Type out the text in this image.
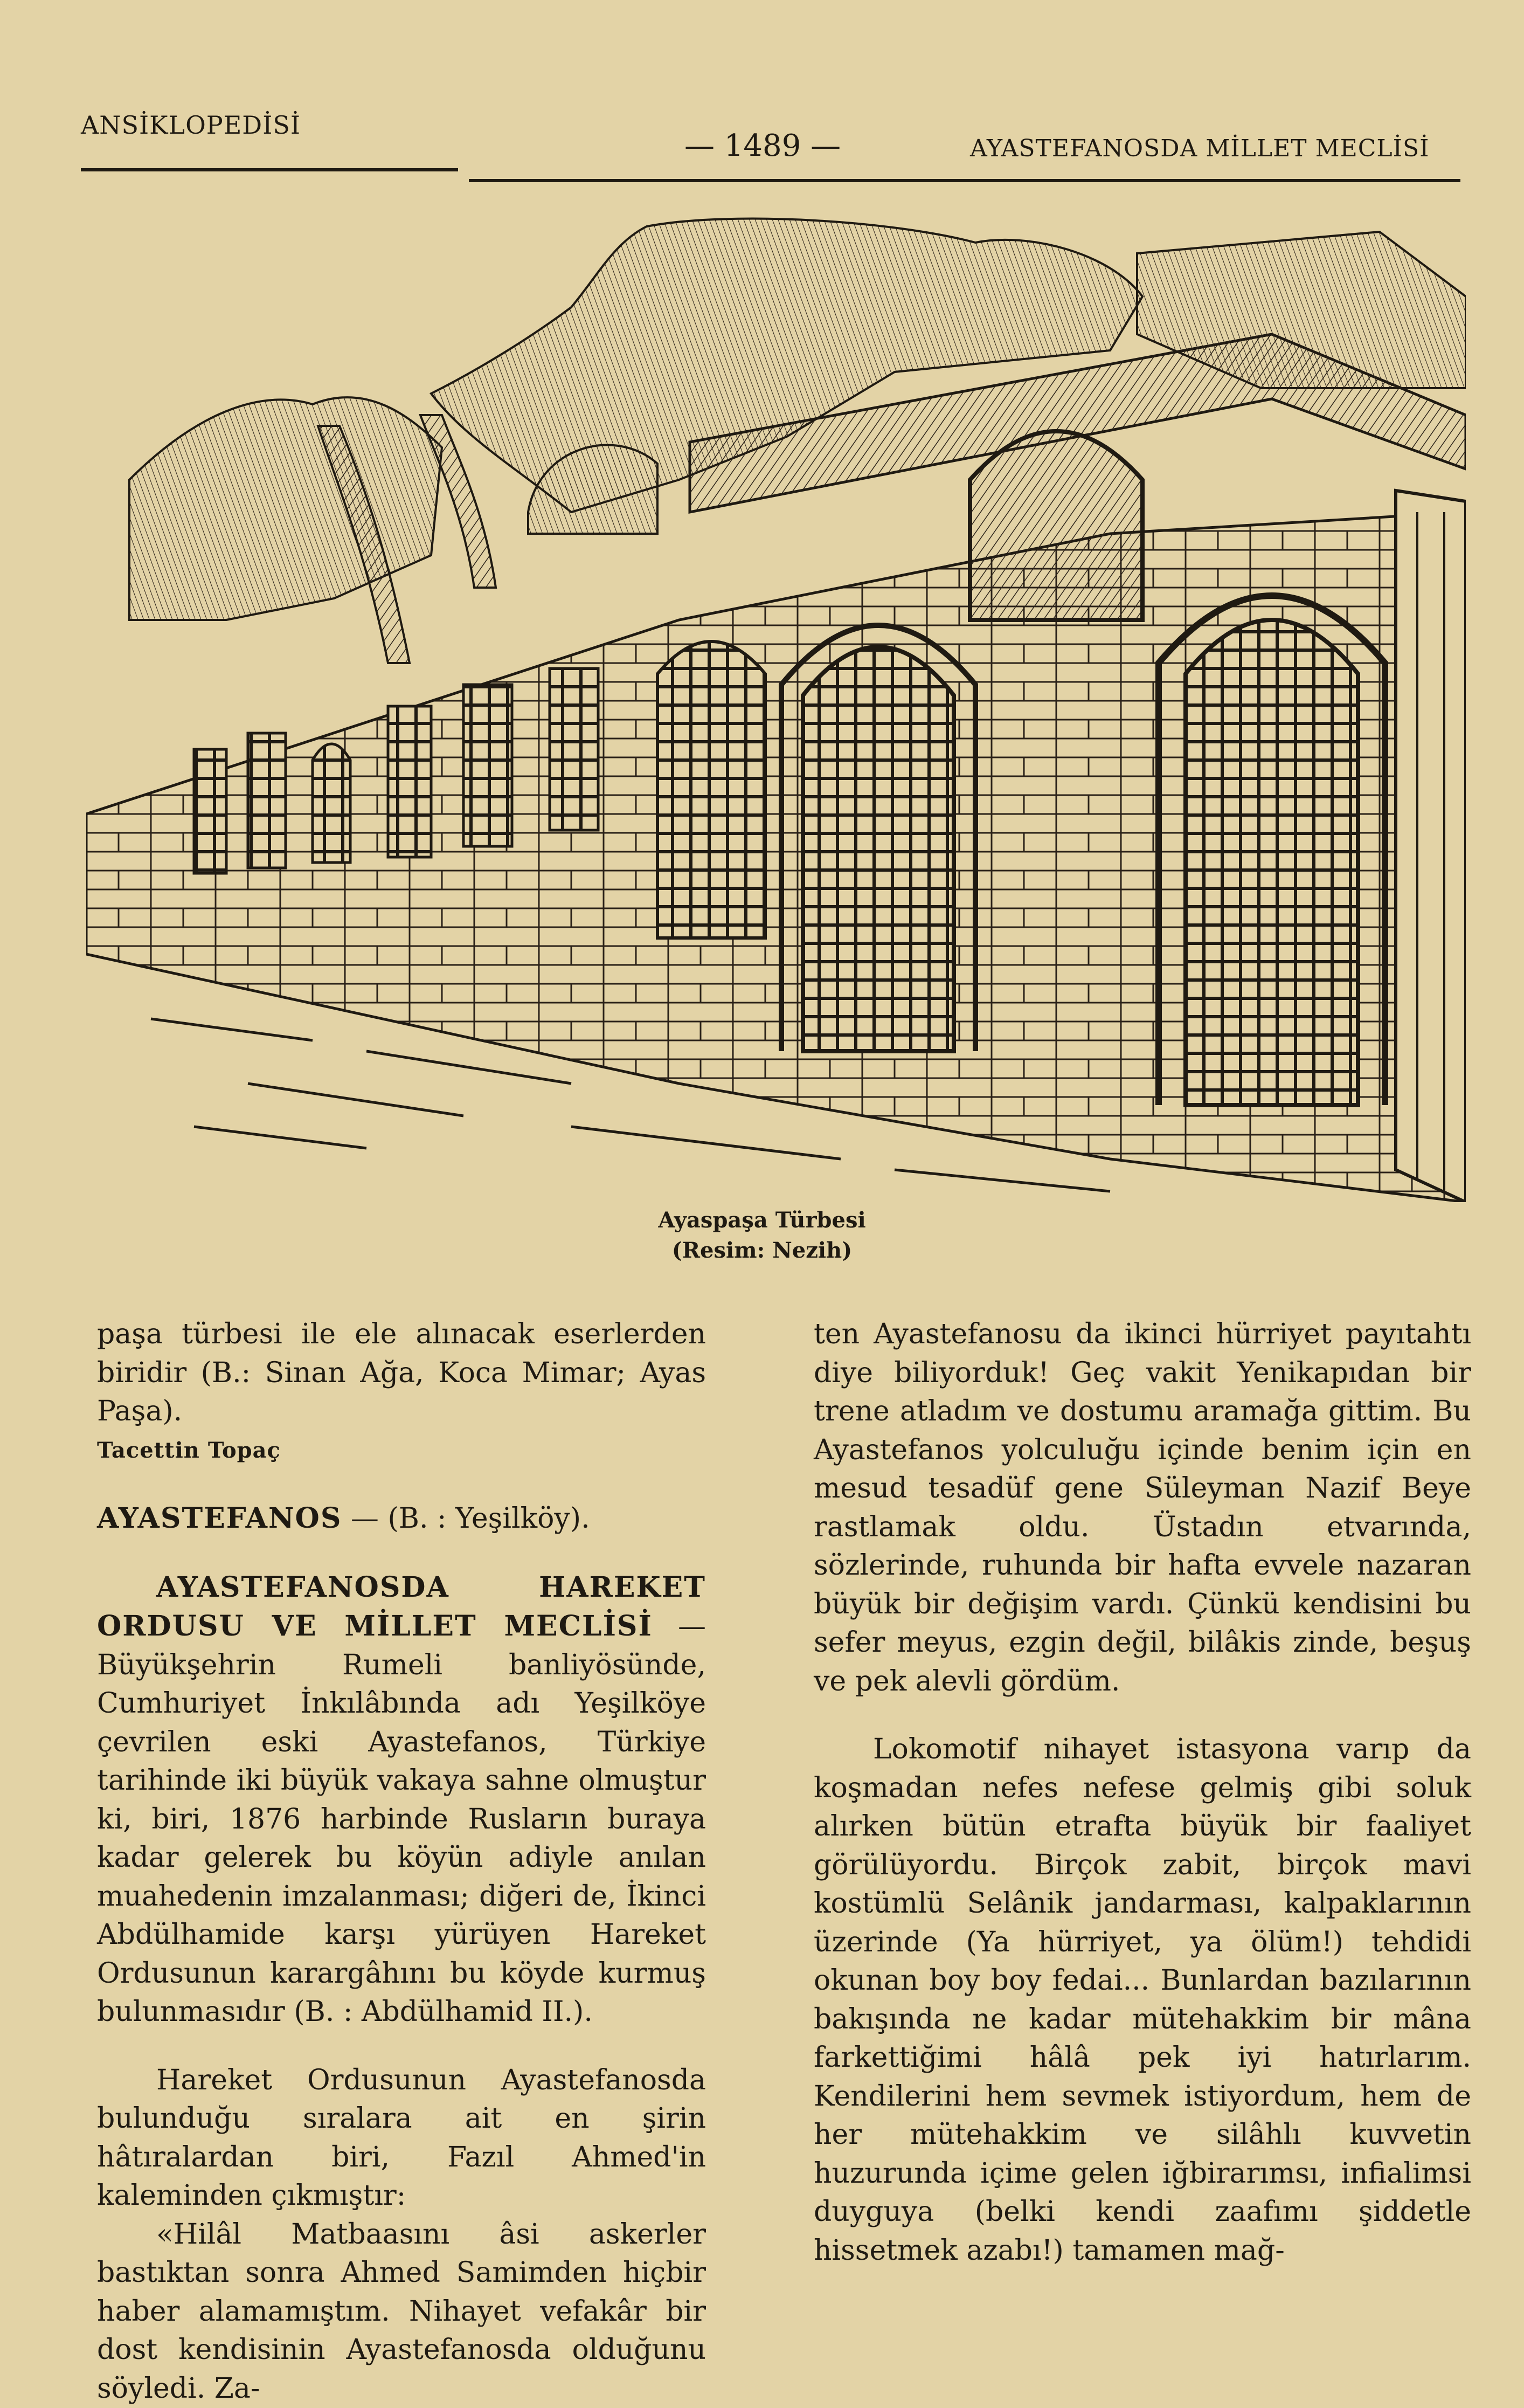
ANSİKLOPEDİSİ
— 1489 —	AYASTEFANOSDA MİLLET MECLİSİ
Ayaspaşa Türbesi
(Resim: Nezih)

paşa türbesi ile ele alınacak eserlerden biridir (B.: Sinan Ağa, Koca Mimar; Ayas Paşa).

Tacettin Topaç

AYASTEFANOS — (B. : Yeşilköy).

AYASTEFANOSDA HAREKET ORDUSU VE MİLLET MECLİSİ — Büyükşehrin Rumeli banliyösünde, Cumhuriyet İnkılâbında adı Yeşilköye çevrilen eski Ayastefanos, Türkiye tarihinde iki büyük vakaya sahne olmuştur ki, biri, 1876 harbinde Rusların buraya kadar gelerek bu köyün adiyle anılan muahedenin imzalanması; diğeri de, İkinci Abdülhamide karşı yürüyen Hareket Ordusunun karargâhını bu köyde kurmuş bulunmasıdır (B. : Abdülhamid II.).

Hareket Ordusunun Ayastefanosda bulunduğu sıralara ait en şirin hâtıralardan biri, Fazıl Ahmed'in kaleminden çıkmıştır:

«Hilâl Matbaasını âsi askerler bastıktan sonra Ahmed Samimden hiçbir haber alamamıştım. Nihayet vefakâr bir dost kendisinin Ayastefanosda olduğunu söyledi. Za-

ten Ayastefanosu da ikinci hürriyet payıtahtı diye biliyorduk! Geç vakit Yenikapıdan bir trene atladım ve dostumu aramağa gittim. Bu Ayastefanos yolculuğu içinde benim için en mesud tesadüf gene Süleyman Nazif Beye rastlamak oldu. Üstadın etvarında, sözlerinde, ruhunda bir hafta evvele nazaran büyük bir değişim vardı. Çünkü kendisini bu sefer meyus, ezgin değil, bilâkis zinde, beşuş ve pek alevli gördüm.

Lokomotif nihayet istasyona varıp da koşmadan nefes nefese gelmiş gibi soluk alırken bütün etrafta büyük bir faaliyet görülüyordu. Birçok zabit, birçok mavi kostümlü Selânik jandarması, kalpaklarının üzerinde (Ya hürriyet, ya ölüm!) tehdidi okunan boy boy fedai... Bunlardan bazılarının bakışında ne kadar mütehakkim bir mâna farkettiğimi hâlâ pek iyi hatırlarım. Kendilerini hem sevmek istiyordum, hem de her mütehakkim ve silâhlı kuvvetin huzurunda içime gelen iğbirarımsı, infialimsi duyguya (belki kendi zaafımı şiddetle hissetmek azabı!) tamamen mağ-
